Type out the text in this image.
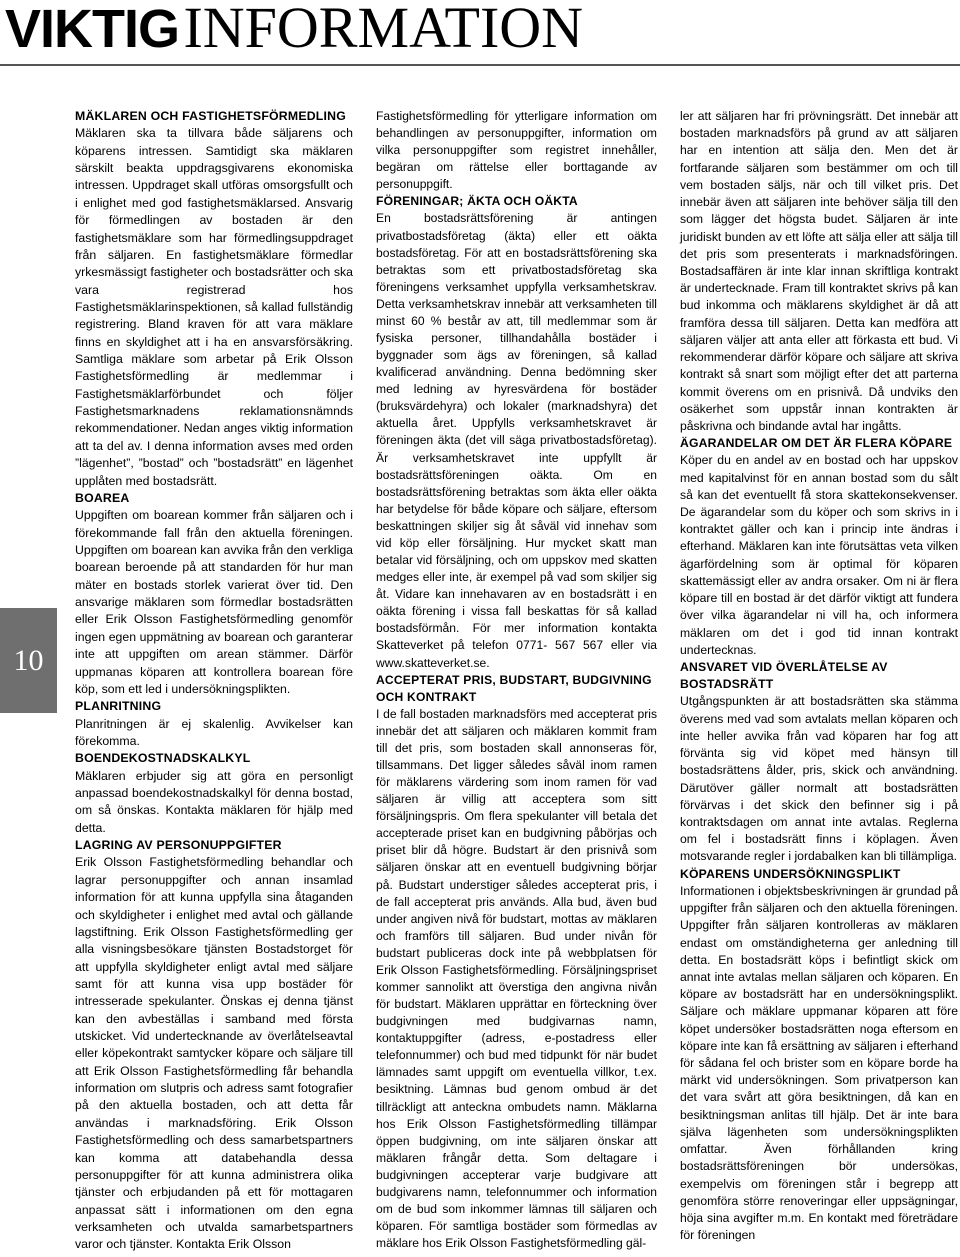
VIKTIG INFORMATION
10
MÄKLAREN OCH FASTIGHETSFÖRMEDLING

Mäklaren ska ta tillvara både säljarens och köparens intressen. Samtidigt ska mäklaren särskilt beakta uppdragsgivarens ekonomiska intressen. Uppdraget skall utföras omsorgsfullt och i enlighet med god fastighetsmäklarsed. Ansvarig för förmedlingen av bostaden är den fastighetsmäklare som har förmedlingsuppdraget från säljaren. En fastighetsmäklare förmedlar yrkesmässigt fastigheter och bostadsrätter och ska vara registrerad hos Fastighetsmäklarinspektionen, så kallad fullständig registrering. Bland kraven för att vara mäklare finns en skyldighet att i ha en ansvarsförsäkring. Samtliga mäklare som arbetar på Erik Olsson Fastighetsförmedling är medlemmar i Fastighetsmäklarförbundet och följer Fastighetsmarknadens reklamationsnämnds rekommendationer. Nedan anges viktig information att ta del av. I denna information avses med orden ”lägenhet”, ”bostad” och ”bostadsrätt” en lägenhet upplåten med bostadsrätt.

BOAREA

Uppgiften om boarean kommer från säljaren och i förekommande fall från den aktuella föreningen. Uppgiften om boarean kan avvika från den verkliga boarean beroende på att standarden för hur man mäter en bostads storlek varierat över tid. Den ansvarige mäklaren som förmedlar bostadsrätten eller Erik Olsson Fastighetsförmedling genomför ingen egen uppmätning av boarean och garanterar inte att uppgiften om arean stämmer. Därför uppmanas köparen att kontrollera boarean före köp, som ett led i undersökningsplikten.

PLANRITNING

Planritningen är ej skalenlig. Avvikelser kan förekomma.

BOENDEKOSTNADSKALKYL

Mäklaren erbjuder sig att göra en personligt anpassad boendekostnadskalkyl för denna bostad, om så önskas. Kontakta mäklaren för hjälp med detta.

LAGRING AV PERSONUPPGIFTER

Erik Olsson Fastighetsförmedling behandlar och lagrar personuppgifter och annan insamlad information för att kunna uppfylla sina åtaganden och skyldigheter i enlighet med avtal och gällande lagstiftning. Erik Olsson Fastighetsförmedling ger alla visningsbesökare tjänsten Bostadstorget för att uppfylla skyldigheter enligt avtal med säljare samt för att kunna visa upp bostäder för intresserade spekulanter. Önskas ej denna tjänst kan den avbeställas i samband med första utskicket. Vid undertecknande av överlåtelseavtal eller köpekontrakt samtycker köpare och säljare till att Erik Olsson Fastighetsförmedling får behandla information om slutpris och adress samt fotografier på den aktuella bostaden, och att detta får användas i marknadsföring. Erik Olsson Fastighetsförmedling och dess samarbetspartners kan komma att databehandla dessa personuppgifter för att kunna administrera olika tjänster och erbjudanden på ett för mottagaren anpassat sätt i informationen om den egna verksamheten och utvalda samarbetspartners varor och tjänster. Kontakta Erik Olsson

Fastighetsförmedling för ytterligare information om behandlingen av personuppgifter, information om vilka personuppgifter som registret innehåller, begäran om rättelse eller borttagande av personuppgift.

FÖRENINGAR; ÄKTA OCH OÄKTA

En bostadsrättsförening är antingen privatbostadsföretag (äkta) eller ett oäkta bostadsföretag. För att en bostadsrättsförening ska betraktas som ett privatbostadsföretag ska föreningens verksamhet uppfylla verksamhetskrav. Detta verksamhetskrav innebär att verksamheten till minst 60 % består av att, till medlemmar som är fysiska personer, tillhandahålla bostäder i byggnader som ägs av föreningen, så kallad kvalificerad användning. Denna bedömning sker med ledning av hyresvärdena för bostäder (bruksvärdehyra) och lokaler (marknadshyra) det aktuella året. Uppfylls verksamhetskravet är föreningen äkta (det vill säga privatbostadsföretag). Är verksamhetskravet inte uppfyllt är bostadsrättsföreningen oäkta. Om en bostadsrättsförening betraktas som äkta eller oäkta har betydelse för både köpare och säljare, eftersom beskattningen skiljer sig åt såväl vid innehav som vid köp eller försäljning. Hur mycket skatt man betalar vid försäljning, och om uppskov med skatten medges eller inte, är exempel på vad som skiljer sig åt. Vidare kan innehavaren av en bostadsrätt i en oäkta förening i vissa fall beskattas för så kallad bostadsförmån. För mer information kontakta Skatteverket på telefon 0771- 567 567 eller via www.skatteverket.se.

ACCEPTERAT PRIS, BUDSTART, BUDGIVNING OCH KONTRAKT

I de fall bostaden marknadsförs med accepterat pris innebär det att säljaren och mäklaren kommit fram till det pris, som bostaden skall annonseras för, tillsammans. Det ligger således såväl inom ramen för mäklarens värdering som inom ramen för vad säljaren är villig att acceptera som sitt försäljningspris. Om flera spekulanter vill betala det accepterade priset kan en budgivning påbörjas och priset blir då högre. Budstart är den prisnivå som säljaren önskar att en eventuell budgivning börjar på. Budstart understiger således accepterat pris, i de fall accepterat pris används. Alla bud, även bud under angiven nivå för budstart, mottas av mäklaren och framförs till säljaren. Bud under nivån för budstart publiceras dock inte på webbplatsen för Erik Olsson Fastighetsförmedling. Försäljningspriset kommer sannolikt att överstiga den angivna nivån för budstart. Mäklaren upprättar en förteckning över budgivningen med budgivarnas namn, kontaktuppgifter (adress, e-postadress eller telefonnummer) och bud med tidpunkt för när budet lämnades samt uppgift om eventuella villkor, t.ex. besiktning. Lämnas bud genom ombud är det tillräckligt att anteckna ombudets namn. Mäklarna hos Erik Olsson Fastighetsförmedling tillämpar öppen budgivning, om inte säljaren önskar att mäklaren frångår detta. Som deltagare i budgivningen accepterar varje budgivare att budgivarens namn, telefonnummer och information om de bud som inkommer lämnas till säljaren och köparen. För samtliga bostäder som förmedlas av mäklare hos Erik Olsson Fastighetsförmedling gäl-

ler att säljaren har fri prövningsrätt. Det innebär att bostaden marknadsförs på grund av att säljaren har en intention att sälja den. Men det är fortfarande säljaren som bestämmer om och till vem bostaden säljs, när och till vilket pris. Det innebär även att säljaren inte behöver sälja till den som lägger det högsta budet. Säljaren är inte juridiskt bunden av ett löfte att sälja eller att sälja till det pris som presenterats i marknadsföringen. Bostadsaffären är inte klar innan skriftliga kontrakt är undertecknade. Fram till kontraktet skrivs på kan bud inkomma och mäklarens skyldighet är då att framföra dessa till säljaren. Detta kan medföra att säljaren väljer att anta eller att förkasta ett bud. Vi rekommenderar därför köpare och säljare att skriva kontrakt så snart som möjligt efter det att parterna kommit överens om en prisnivå. Då undviks den osäkerhet som uppstår innan kontrakten är påskrivna och bindande avtal har ingåtts.

ÄGARANDELAR OM DET ÄR FLERA KÖPARE

Köper du en andel av en bostad och har uppskov med kapitalvinst för en annan bostad som du sålt så kan det eventuellt få stora skattekonsekvenser. De ägarandelar som du köper och som skrivs in i kontraktet gäller och kan i princip inte ändras i efterhand. Mäklaren kan inte förutsättas veta vilken ägarfördelning som är optimal för köparen skattemässigt eller av andra orsaker. Om ni är flera köpare till en bostad är det därför viktigt att fundera över vilka ägarandelar ni vill ha, och informera mäklaren om det i god tid innan kontrakt undertecknas.

ANSVARET VID ÖVERLÅTELSE AV BOSTADSRÄTT

Utgångspunkten är att bostadsrätten ska stämma överens med vad som avtalats mellan köparen och inte heller avvika från vad köparen har fog att förvänta sig vid köpet med hänsyn till bostadsrättens ålder, pris, skick och användning. Därutöver gäller normalt att bostadsrätten förvärvas i det skick den befinner sig i på kontraktsdagen om annat inte avtalas. Reglerna om fel i bostadsrätt finns i köplagen. Även motsvarande regler i jordabalken kan bli tillämpliga.

KÖPARENS UNDERSÖKNINGSPLIKT

Informationen i objektsbeskrivningen är grundad på uppgifter från säljaren och den aktuella föreningen. Uppgifter från säljaren kontrolleras av mäklaren endast om omständigheterna ger anledning till detta. En bostadsrätt köps i befintligt skick om annat inte avtalas mellan säljaren och köparen. En köpare av bostadsrätt har en undersökningsplikt. Säljare och mäklare uppmanar köparen att före köpet undersöker bostadsrätten noga eftersom en köpare inte kan få ersättning av säljaren i efterhand för sådana fel och brister som en köpare borde ha märkt vid undersökningen. Som privatperson kan det vara svårt att göra besiktningen, då kan en besiktningsman anlitas till hjälp. Det är inte bara själva lägenheten som undersökningsplikten omfattar. Även förhållanden kring bostadsrättsföreningen bör undersökas, exempelvis om föreningen står i begrepp att genomföra större renoveringar eller uppsägningar, höja sina avgifter m.m. En kontakt med företrädare för föreningen
